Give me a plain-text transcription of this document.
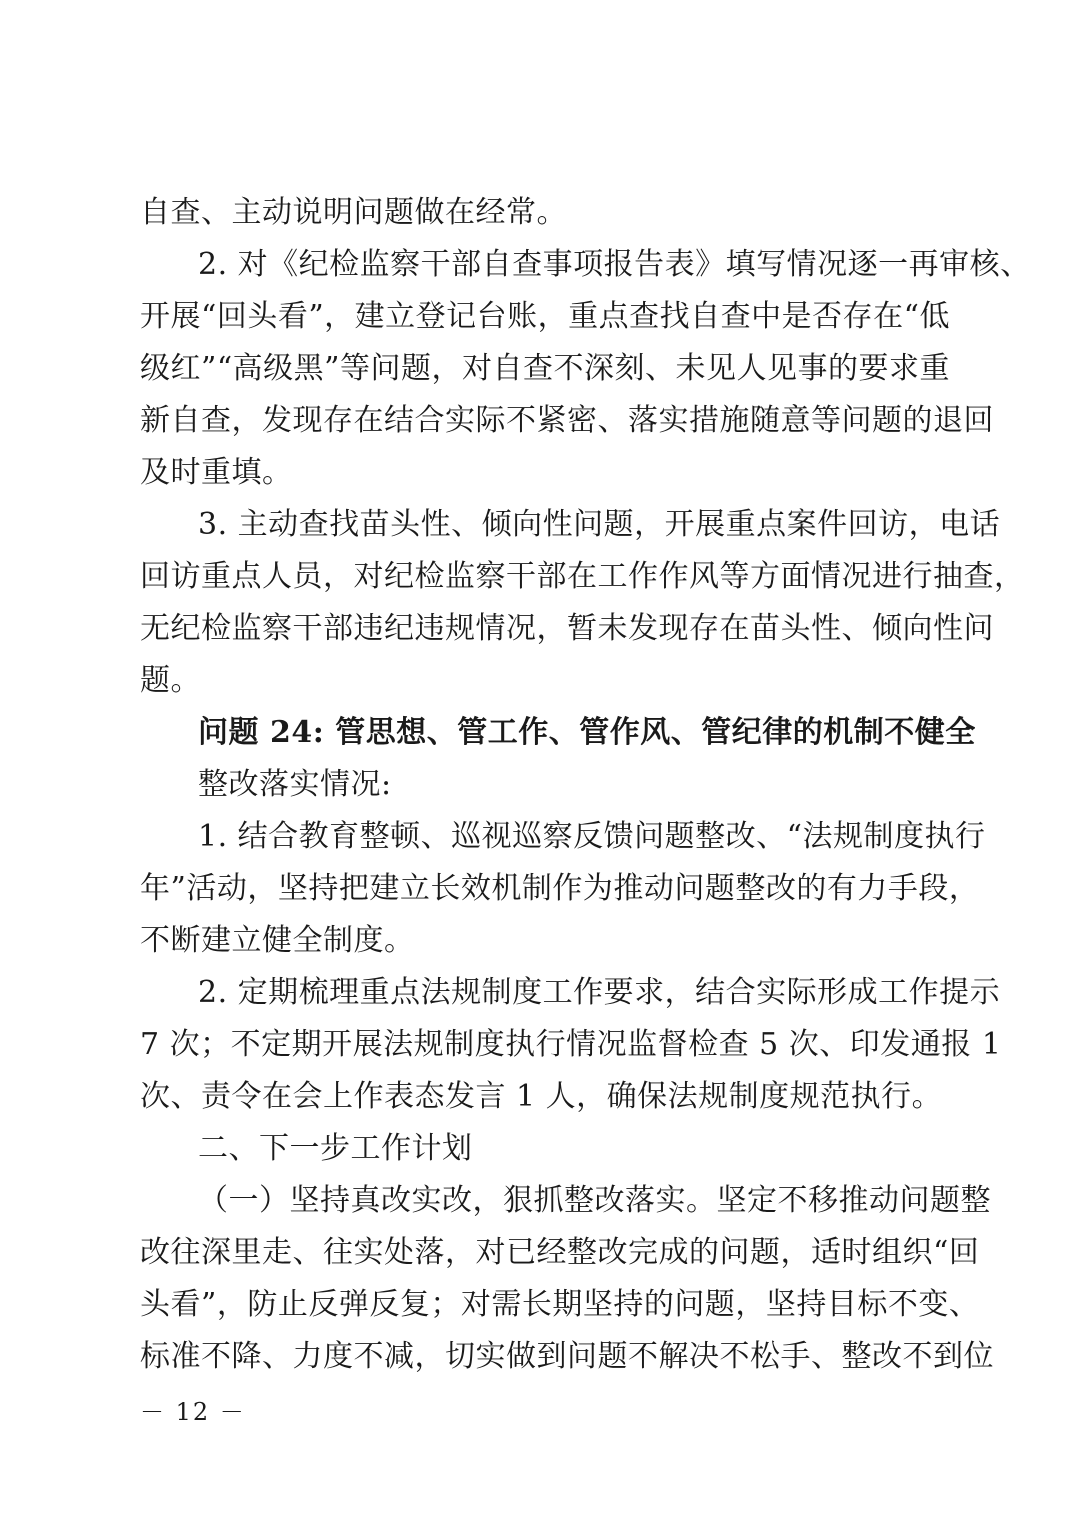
自查、主动说明问题做在经常。
2. 对《纪检监察干部自查事项报告表》填写情况逐一再审核、
开展“回头看”，建立登记台账，重点查找自查中是否存在“低
级红”“高级黑”等问题，对自查不深刻、未见人见事的要求重
新自查，发现存在结合实际不紧密、落实措施随意等问题的退回
及时重填。
3. 主动查找苗头性、倾向性问题，开展重点案件回访，电话
回访重点人员，对纪检监察干部在工作作风等方面情况进行抽查，
无纪检监察干部违纪违规情况，暂未发现存在苗头性、倾向性问
题。
问题 24: 管思想、管工作、管作风、管纪律的机制不健全
整改落实情况:
1. 结合教育整顿、巡视巡察反馈问题整改、“法规制度执行
年”活动，坚持把建立长效机制作为推动问题整改的有力手段，
不断建立健全制度。
2. 定期梳理重点法规制度工作要求，结合实际形成工作提示
7 次；不定期开展法规制度执行情况监督检查 5 次、印发通报 1
次、责令在会上作表态发言 1 人，确保法规制度规范执行。
二、下一步工作计划
（一）坚持真改实改，狠抓整改落实。坚定不移推动问题整
改往深里走、往实处落，对已经整改完成的问题，适时组织“回
头看”，防止反弹反复；对需长期坚持的问题，坚持目标不变、
标准不降、力度不减，切实做到问题不解决不松手、整改不到位
－ 12 －
